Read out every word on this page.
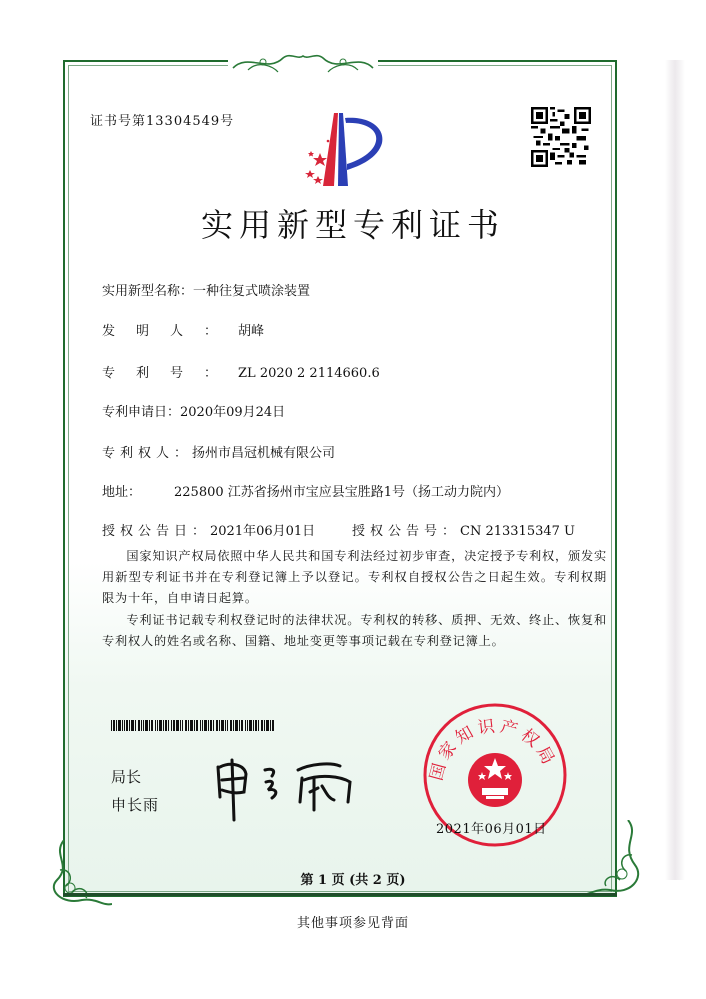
证书号第13304549号
实用新型专利证书
实用新型名称：一种往复式喷涂装置
发明人：胡峰
专利号：ZL 2020 2 2114660.6
专利申请日：2020年09月24日
专利权人：扬州市昌冠机械有限公司
地址：	225800 江苏省扬州市宝应县宝胜路1号（扬工动力院内）
授权公告日：2021年06月01日	授权公告号：CN 213315347 U
国家知识产权局依照中华人民共和国专利法经过初步审查，决定授予专利权，颁发实用新型专利证书并在专利登记簿上予以登记。专利权自授权公告之日起生效。专利权期限为十年，自申请日起算。
专利证书记载专利权登记时的法律状况。专利权的转移、质押、无效、终止、恢复和专利权人的姓名或名称、国籍、地址变更等事项记载在专利登记簿上。
局长
申长雨
国家知识产权局
2021年06月01日
第 1 页 (共 2 页)
其他事项参见背面
